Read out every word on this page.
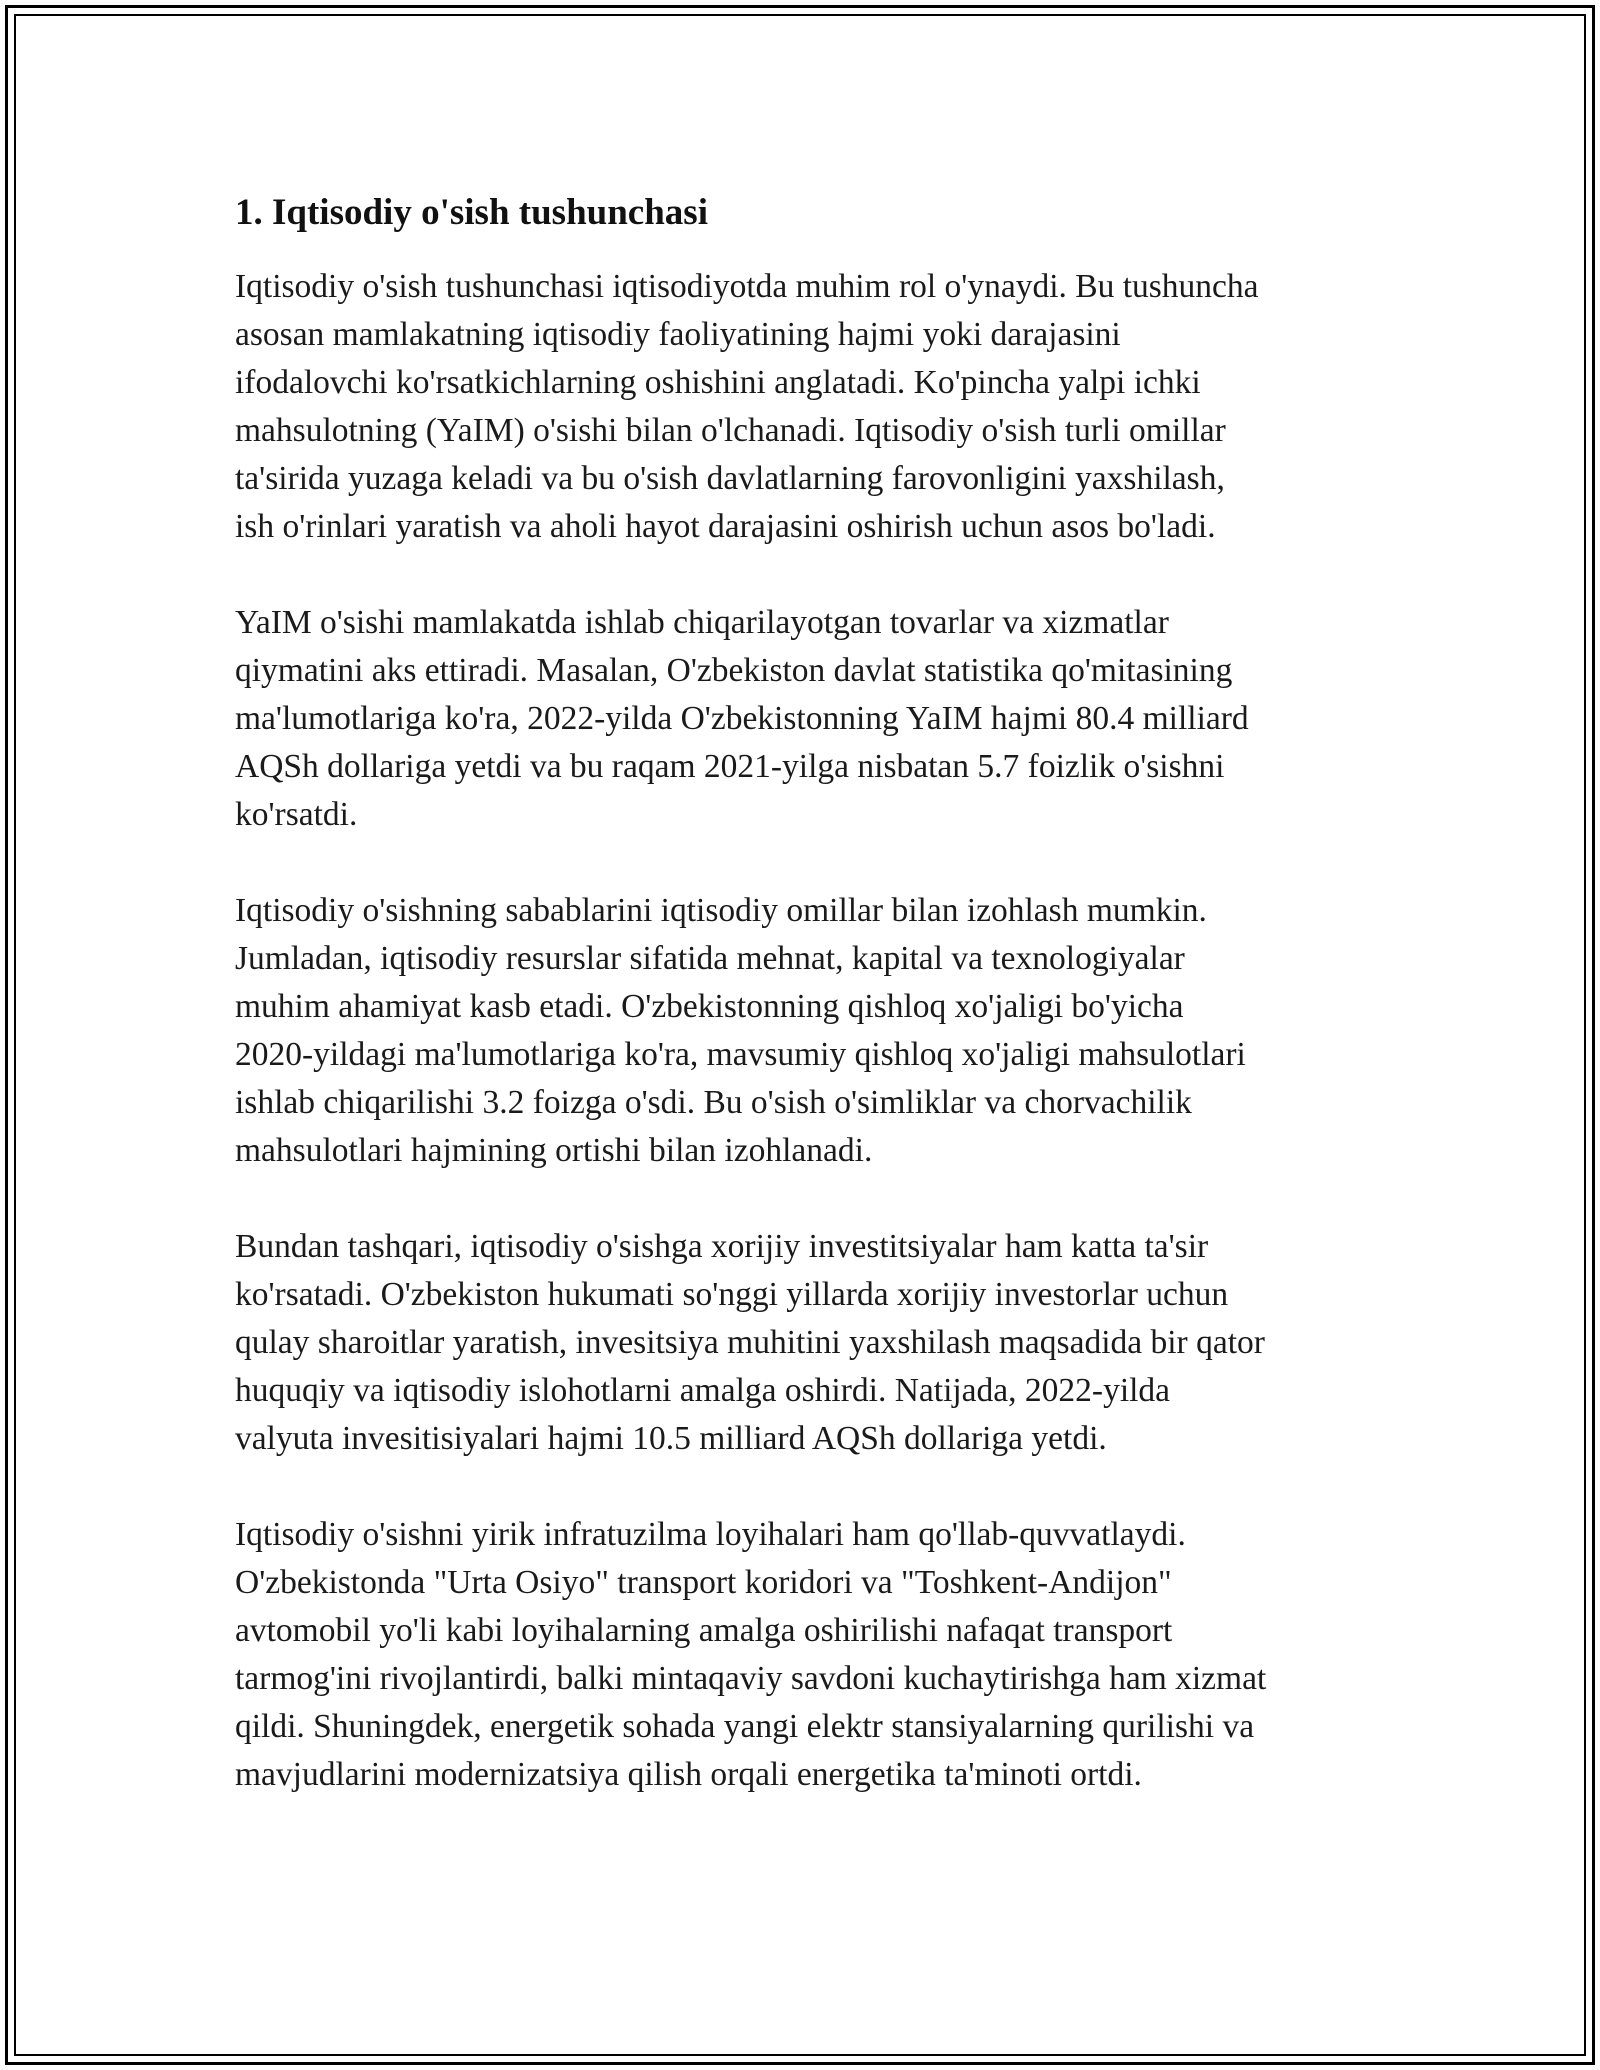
1. Iqtisodiy o'sish tushunchasi

Iqtisodiy o'sish tushunchasi iqtisodiyotda muhim rol o'ynaydi. Bu tushuncha
asosan mamlakatning iqtisodiy faoliyatining hajmi yoki darajasini
ifodalovchi ko'rsatkichlarning oshishini anglatadi. Ko'pincha yalpi ichki
mahsulotning (YaIM) o'sishi bilan o'lchanadi. Iqtisodiy o'sish turli omillar
ta'sirida yuzaga keladi va bu o'sish davlatlarning farovonligini yaxshilash,
ish o'rinlari yaratish va aholi hayot darajasini oshirish uchun asos bo'ladi.

YaIM o'sishi mamlakatda ishlab chiqarilayotgan tovarlar va xizmatlar
qiymatini aks ettiradi. Masalan, O'zbekiston davlat statistika qo'mitasining
ma'lumotlariga ko'ra, 2022-yilda O'zbekistonning YaIM hajmi 80.4 milliard
AQSh dollariga yetdi va bu raqam 2021-yilga nisbatan 5.7 foizlik o'sishni
ko'rsatdi.

Iqtisodiy o'sishning sabablarini iqtisodiy omillar bilan izohlash mumkin.
Jumladan, iqtisodiy resurslar sifatida mehnat, kapital va texnologiyalar
muhim ahamiyat kasb etadi. O'zbekistonning qishloq xo'jaligi bo'yicha
2020-yildagi ma'lumotlariga ko'ra, mavsumiy qishloq xo'jaligi mahsulotlari
ishlab chiqarilishi 3.2 foizga o'sdi. Bu o'sish o'simliklar va chorvachilik
mahsulotlari hajmining ortishi bilan izohlanadi.

Bundan tashqari, iqtisodiy o'sishga xorijiy investitsiyalar ham katta ta'sir
ko'rsatadi. O'zbekiston hukumati so'nggi yillarda xorijiy investorlar uchun
qulay sharoitlar yaratish, invesitsiya muhitini yaxshilash maqsadida bir qator
huquqiy va iqtisodiy islohotlarni amalga oshirdi. Natijada, 2022-yilda
valyuta invesitisiyalari hajmi 10.5 milliard AQSh dollariga yetdi.

Iqtisodiy o'sishni yirik infratuzilma loyihalari ham qo'llab-quvvatlaydi.
O'zbekistonda "Urta Osiyo" transport koridori va "Toshkent-Andijon"
avtomobil yo'li kabi loyihalarning amalga oshirilishi nafaqat transport
tarmog'ini rivojlantirdi, balki mintaqaviy savdoni kuchaytirishga ham xizmat
qildi. Shuningdek, energetik sohada yangi elektr stansiyalarning qurilishi va
mavjudlarini modernizatsiya qilish orqali energetika ta'minoti ortdi.
